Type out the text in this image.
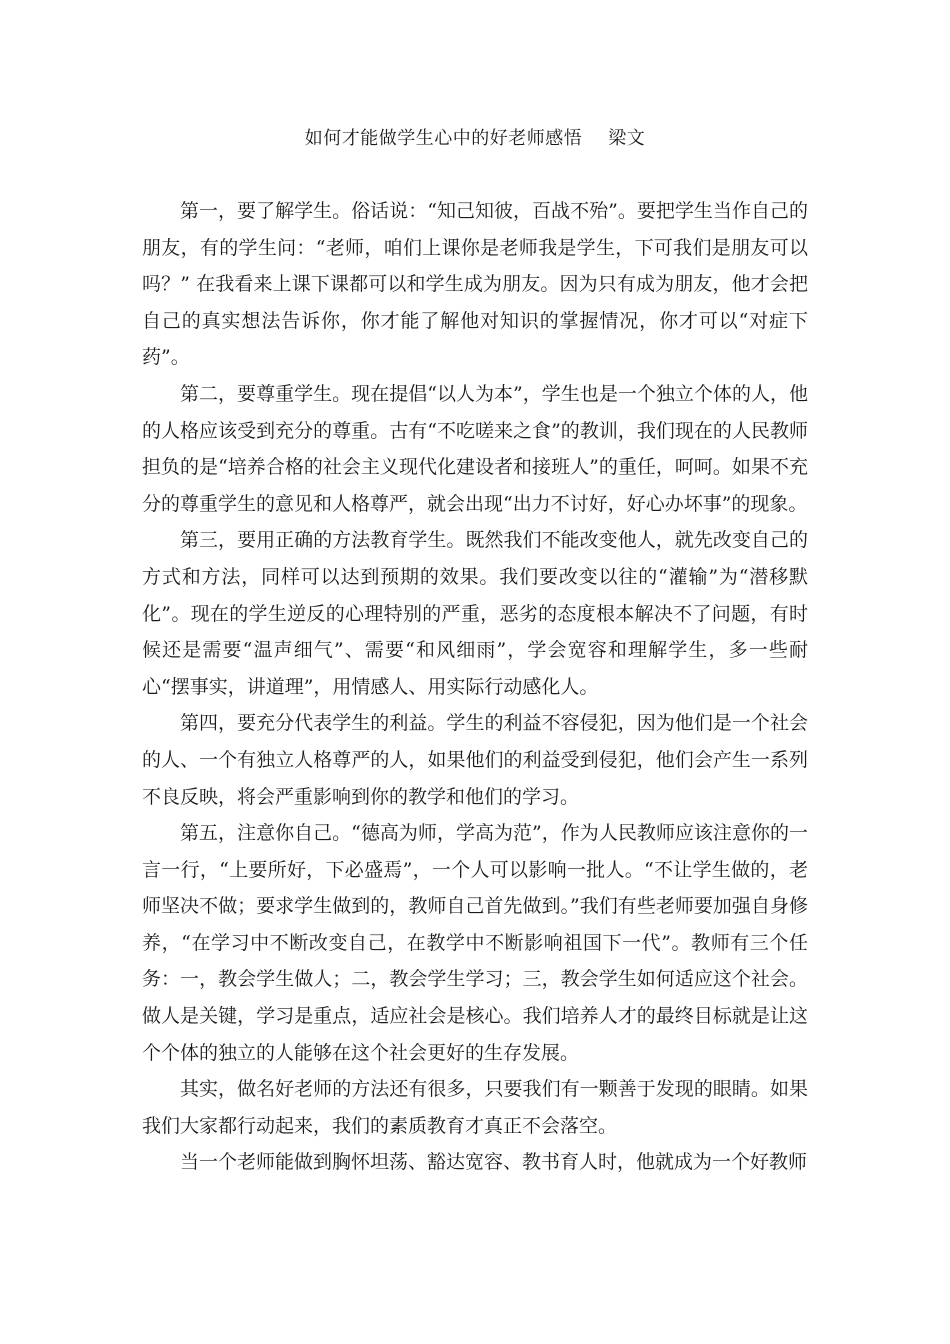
如何才能做学生心中的好老师感悟 梁文

第一，要了解学生。俗话说：“知己知彼，百战不殆”。要把学生当作自己的朋友，有的学生问：“老师，咱们上课你是老师我是学生，下可我们是朋友可以吗？” 在我看来上课下课都可以和学生成为朋友。因为只有成为朋友，他才会把自己的真实想法告诉你，你才能了解他对知识的掌握情况，你才可以“对症下药”。

第二，要尊重学生。现在提倡“以人为本”，学生也是一个独立个体的人，他的人格应该受到充分的尊重。古有“不吃嗟来之食”的教训，我们现在的人民教师担负的是“培养合格的社会主义现代化建设者和接班人”的重任，呵呵。如果不充分的尊重学生的意见和人格尊严，就会出现“出力不讨好，好心办坏事”的现象。

第三，要用正确的方法教育学生。既然我们不能改变他人，就先改变自己的方式和方法，同样可以达到预期的效果。我们要改变以往的“灌输”为“潜移默化”。现在的学生逆反的心理特别的严重，恶劣的态度根本解决不了问题，有时候还是需要“温声细气”、需要“和风细雨”，学会宽容和理解学生，多一些耐心“摆事实，讲道理”，用情感人、用实际行动感化人。

第四，要充分代表学生的利益。学生的利益不容侵犯，因为他们是一个社会的人、一个有独立人格尊严的人，如果他们的利益受到侵犯，他们会产生一系列不良反映，将会严重影响到你的教学和他们的学习。

第五，注意你自己。“德高为师，学高为范”，作为人民教师应该注意你的一言一行，“上要所好，下必盛焉”，一个人可以影响一批人。“不让学生做的，老师坚决不做；要求学生做到的，教师自己首先做到。”我们有些老师要加强自身修养，“在学习中不断改变自己，在教学中不断影响祖国下一代”。教师有三个任务：一，教会学生做人；二，教会学生学习；三，教会学生如何适应这个社会。做人是关键，学习是重点，适应社会是核心。我们培养人才的最终目标就是让这个个体的独立的人能够在这个社会更好的生存发展。

其实，做名好老师的方法还有很多，只要我们有一颗善于发现的眼睛。如果我们大家都行动起来，我们的素质教育才真正不会落空。

当一个老师能做到胸怀坦荡、豁达宽容、教书育人时，他就成为一个好教师
